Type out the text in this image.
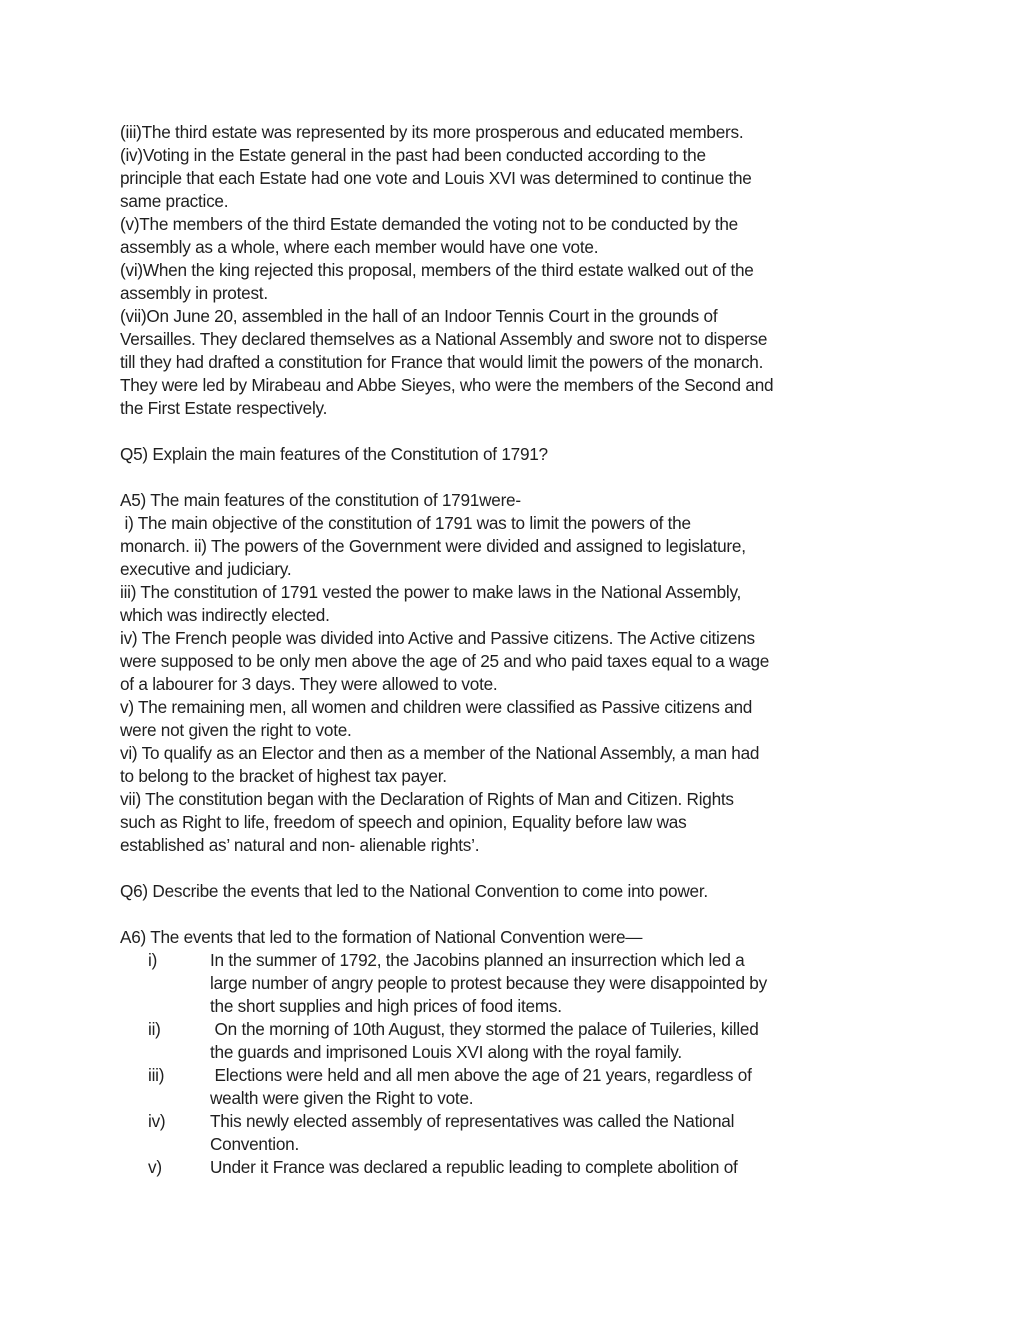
(iii)The third estate was represented by its more prosperous and educated members.
(iv)Voting in the Estate general in the past had been conducted according to the
principle that each Estate had one vote and Louis XVI was determined to continue the
same practice.
(v)The members of the third Estate demanded the voting not to be conducted by the
assembly as a whole, where each member would have one vote.
(vi)When the king rejected this proposal, members of the third estate walked out of the
assembly in protest.
(vii)On June 20, assembled in the hall of an Indoor Tennis Court in the grounds of
Versailles. They declared themselves as a National Assembly and swore not to disperse
till they had drafted a constitution for France that would limit the powers of the monarch.
They were led by Mirabeau and Abbe Sieyes, who were the members of the Second and
the First Estate respectively.
Q5) Explain the main features of the Constitution of 1791?
A5) The main features of the constitution of 1791were-
i) The main objective of the constitution of 1791 was to limit the powers of the
monarch. ii) The powers of the Government were divided and assigned to legislature,
executive and judiciary.
iii) The constitution of 1791 vested the power to make laws in the National Assembly,
which was indirectly elected.
iv) The French people was divided into Active and Passive citizens. The Active citizens
were supposed to be only men above the age of 25 and who paid taxes equal to a wage
of a labourer for 3 days. They were allowed to vote.
v) The remaining men, all women and children were classified as Passive citizens and
were not given the right to vote.
vi) To qualify as an Elector and then as a member of the National Assembly, a man had
to belong to the bracket of highest tax payer.
vii) The constitution began with the Declaration of Rights of Man and Citizen. Rights
such as Right to life, freedom of speech and opinion, Equality before law was
established as’ natural and non- alienable rights’.
Q6) Describe the events that led to the National Convention to come into power.
A6) The events that led to the formation of National Convention were—
i)	In the summer of 1792, the Jacobins planned an insurrection which led a
large number of angry people to protest because they were disappointed by
the short supplies and high prices of food items.
ii)	On the morning of 10th August, they stormed the palace of Tuileries, killed
the guards and imprisoned Louis XVI along with the royal family.
iii)	Elections were held and all men above the age of 21 years, regardless of
wealth were given the Right to vote.
iv)	This newly elected assembly of representatives was called the National
Convention.
v)	Under it France was declared a republic leading to complete abolition of
